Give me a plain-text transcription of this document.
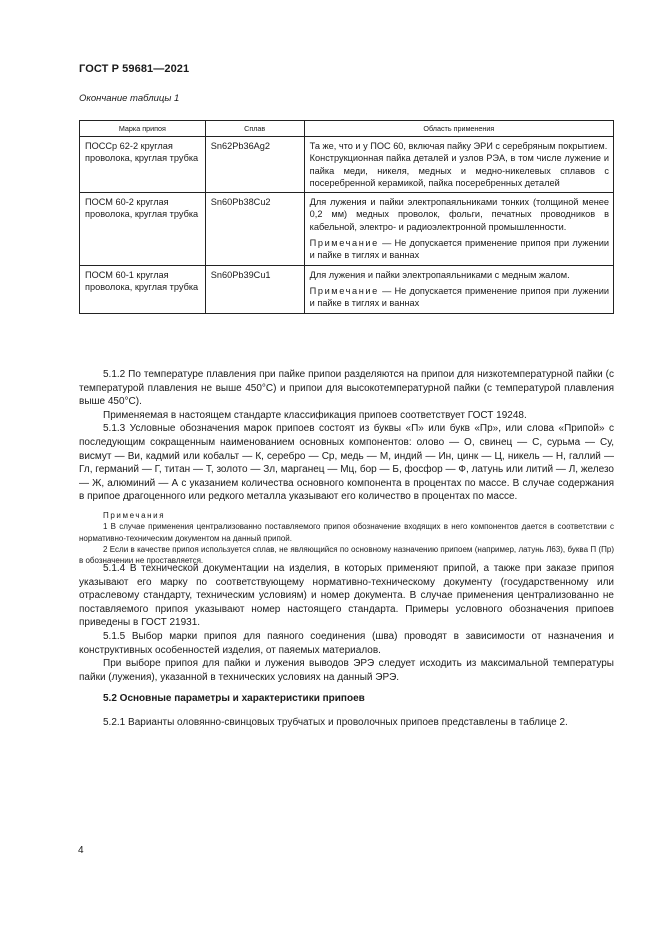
ГОСТ Р 59681—2021
Окончание таблицы 1
Марка припоя	Сплав	Область применения
ПОССр 62-2 круглая проволока, круглая трубка	Sn62Pb36Ag2	Та же, что и у ПОС 60, включая пайку ЭРИ с серебряным покрытием.
Конструкционная пайка деталей и узлов РЭА, в том числе лужение и пайка меди, никеля, медных и медно-никелевых сплавов с посеребренной керамикой, пайка посеребренных деталей

ПОСМ 60-2 круглая проволока, круглая трубка	Sn60Pb38Cu2	Для лужения и пайки электропаяльниками тонких (толщиной менее 0,2 мм) медных проволок, фольги, печатных проводников в кабельной, электро- и радиоэлектронной промышленности.
Примечание — Не допускается применение припоя при лужении и пайке в тиглях и ваннах

ПОСМ 60-1 круглая проволока, круглая трубка	Sn60Pb39Cu1	Для лужения и пайки электропаяльниками с медным жалом.
Примечание — Не допускается применение припоя при лужении и пайке в тиглях и ваннах

5.1.2 По температуре плавления при пайке припои разделяются на припои для низкотемпературной пайки (с температурой плавления не выше 450°С) и припои для высокотемпературной пайки (с температурой плавления выше 450°С).

Применяемая в настоящем стандарте классификация припоев соответствует ГОСТ 19248.

5.1.3 Условные обозначения марок припоев состоят из буквы «П» или букв «Пр», или слова «Припой» с последующим сокращенным наименованием основных компонентов: олово — О, свинец — С, сурьма — Су, висмут — Ви, кадмий или кобальт — К, серебро — Ср, медь — М, индий — Ин, цинк — Ц, никель — Н, галлий — Гл, германий — Г, титан — Т, золото — Зл, марганец — Мц, бор — Б, фосфор — Ф, латунь или литий — Л, железо — Ж, алюминий — А с указанием количества основного компонента в процентах по массе. В случае содержания в припое драгоценного или редкого металла указывают его количество в процентах по массе.

Примечания

1 В случае применения централизованно поставляемого припоя обозначение входящих в него компонентов дается в соответствии с нормативно-техническим документом на данный припой.

2 Если в качестве припоя используется сплав, не являющийся по основному назначению припоем (например, латунь Л63), буква П (Пр) в обозначении не проставляется.

5.1.4 В технической документации на изделия, в которых применяют припой, а также при заказе припоя указывают его марку по соответствующему нормативно-техническому документу (государственному или отраслевому стандарту, техническим условиям) и номер документа. В случае применения централизованно не поставляемого припоя указывают номер настоящего стандарта. Примеры условного обозначения припоев приведены в ГОСТ 21931.

5.1.5 Выбор марки припоя для паяного соединения (шва) проводят в зависимости от назначения и конструктивных особенностей изделия, от паяемых материалов.

При выборе припоя для пайки и лужения выводов ЭРЭ следует исходить из максимальной температуры пайки (лужения), указанной в технических условиях на данный ЭРЭ.

5.2 Основные параметры и характеристики припоев

5.2.1 Варианты оловянно-свинцовых трубчатых и проволочных припоев представлены в таблице 2.

4
